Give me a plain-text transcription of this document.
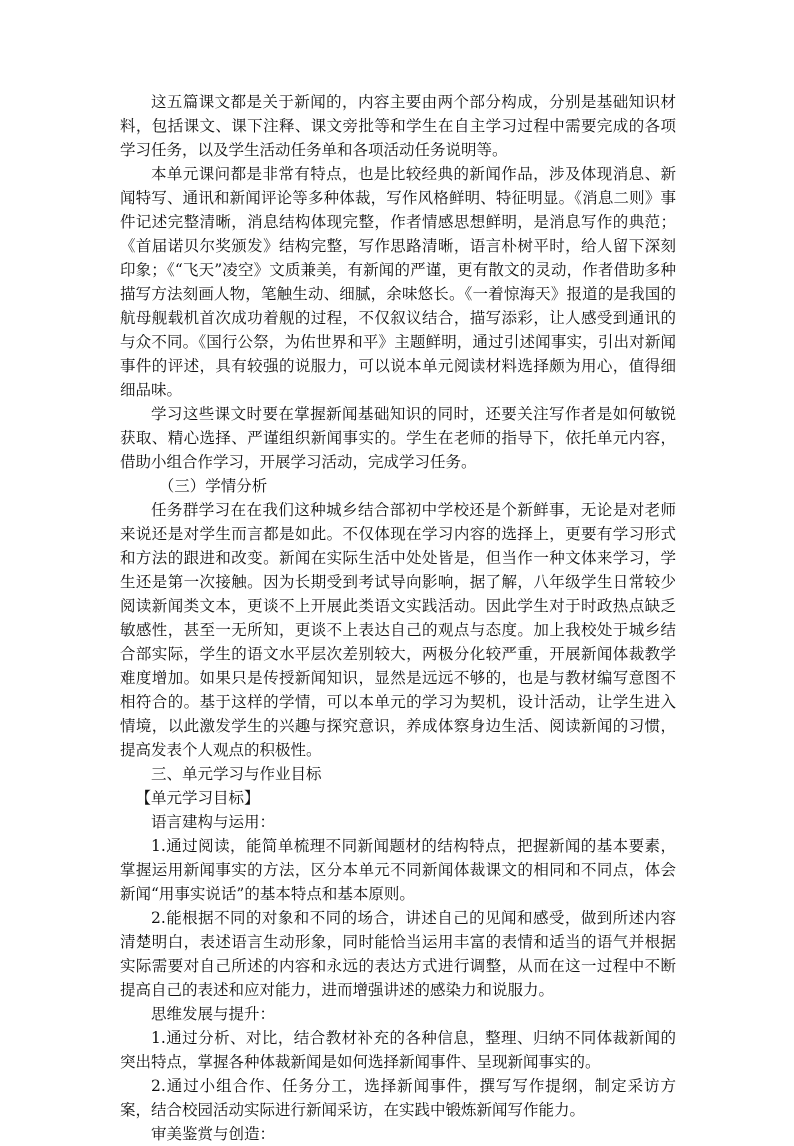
这五篇课文都是关于新闻的，内容主要由两个部分构成，分别是基础知识材料，包括课文、课下注释、课文旁批等和学生在自主学习过程中需要完成的各项学习任务，以及学生活动任务单和各项活动任务说明等。

本单元课问都是非常有特点，也是比较经典的新闻作品，涉及体现消息、新闻特写、通讯和新闻评论等多种体裁，写作风格鲜明、特征明显。《消息二则》事件记述完整清晰，消息结构体现完整，作者情感思想鲜明，是消息写作的典范；《首届诺贝尔奖颁发》结构完整，写作思路清晰，语言朴树平时，给人留下深刻印象；《“飞天”凌空》文质兼美，有新闻的严谨，更有散文的灵动，作者借助多种描写方法刻画人物，笔触生动、细腻，余味悠长。《一着惊海天》报道的是我国的航母舰载机首次成功着舰的过程，不仅叙议结合，描写添彩，让人感受到通讯的与众不同。《国行公祭，为佑世界和平》主题鲜明，通过引述闻事实，引出对新闻事件的评述，具有较强的说服力，可以说本单元阅读材料选择颇为用心，值得细细品味。

学习这些课文时要在掌握新闻基础知识的同时，还要关注写作者是如何敏锐获取、精心选择、严谨组织新闻事实的。学生在老师的指导下，依托单元内容，借助小组合作学习，开展学习活动，完成学习任务。

（三）学情分析

任务群学习在在我们这种城乡结合部初中学校还是个新鲜事，无论是对老师来说还是对学生而言都是如此。不仅体现在学习内容的选择上，更要有学习形式和方法的跟进和改变。新闻在实际生活中处处皆是，但当作一种文体来学习，学生还是第一次接触。因为长期受到考试导向影响，据了解，八年级学生日常较少阅读新闻类文本，更谈不上开展此类语文实践活动。因此学生对于时政热点缺乏敏感性，甚至一无所知，更谈不上表达自己的观点与态度。加上我校处于城乡结合部实际，学生的语文水平层次差别较大，两极分化较严重，开展新闻体裁教学难度增加。如果只是传授新闻知识，显然是远远不够的，也是与教材编写意图不相符合的。基于这样的学情，可以本单元的学习为契机，设计活动，让学生进入情境，以此激发学生的兴趣与探究意识，养成体察身边生活、阅读新闻的习惯，提高发表个人观点的积极性。

三、单元学习与作业目标

【单元学习目标】

语言建构与运用：

1.通过阅读，能简单梳理不同新闻题材的结构特点，把握新闻的基本要素，掌握运用新闻事实的方法，区分本单元不同新闻体裁课文的相同和不同点，体会新闻“用事实说话”的基本特点和基本原则。

2.能根据不同的对象和不同的场合，讲述自己的见闻和感受，做到所述内容清楚明白，表述语言生动形象，同时能恰当运用丰富的表情和适当的语气并根据实际需要对自己所述的内容和永远的表达方式进行调整，从而在这一过程中不断提高自己的表述和应对能力，进而增强讲述的感染力和说服力。

思维发展与提升：

1.通过分析、对比，结合教材补充的各种信息，整理、归纳不同体裁新闻的突出特点，掌握各种体裁新闻是如何选择新闻事件、呈现新闻事实的。

2.通过小组合作、任务分工，选择新闻事件，撰写写作提纲，制定采访方案，结合校园活动实际进行新闻采访，在实践中锻炼新闻写作能力。

审美鉴赏与创造：
